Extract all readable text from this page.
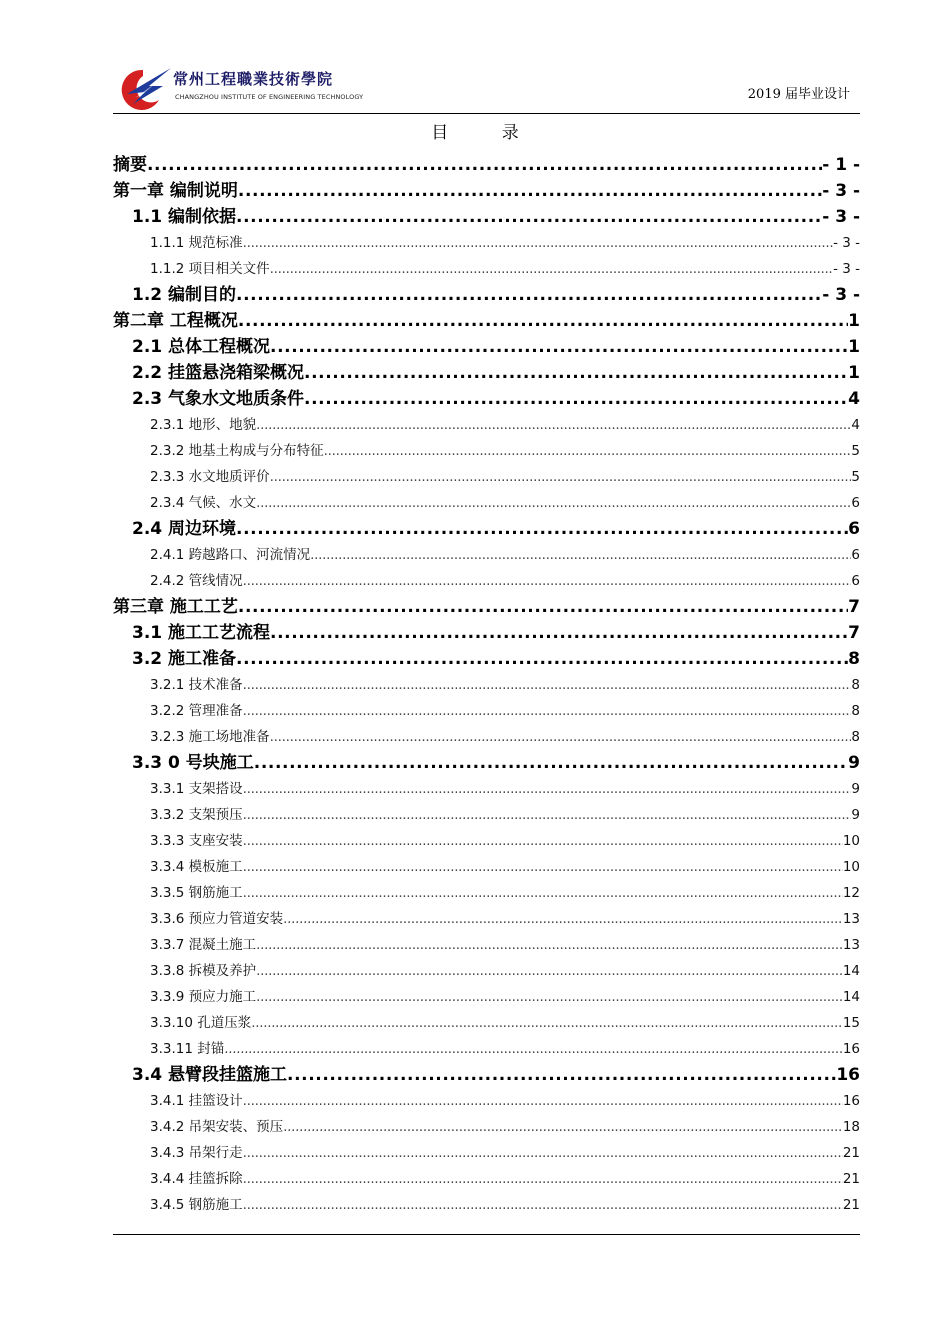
常州工程職業技術學院
CHANGZHOU INSTITUTE OF ENGINEERING TECHNOLOGY	2019 届毕业设计
目 录
摘要 .....	- 1 -
第一章 编制说明 .....	- 3 -
1.1 编制依据 .....	- 3 -
1.1.1 规范标准 .....	- 3 -
1.1.2 项目相关文件 .....	- 3 -
1.2 编制目的 .....	- 3 -
第二章 工程概况 .....	1
2.1 总体工程概况 .....	1
2.2 挂篮悬浇箱梁概况 .....	1
2.3 气象水文地质条件 .....	4
2.3.1 地形、地貌 .....	4
2.3.2 地基土构成与分布特征 .....	5
2.3.3 水文地质评价 .....	5
2.3.4 气候、水文 .....	6
2.4 周边环境 .....	6
2.4.1 跨越路口、河流情况 .....	6
2.4.2 管线情况 .....	6
第三章 施工工艺 .....	7
3.1 施工工艺流程 .....	7
3.2 施工准备 .....	8
3.2.1 技术准备 .....	8
3.2.2 管理准备 .....	8
3.2.3 施工场地准备 .....	8
3.3 0 号块施工 .....	9
3.3.1 支架搭设 .....	9
3.3.2 支架预压 .....	9
3.3.3 支座安装 .....	10
3.3.4 模板施工 .....	10
3.3.5 钢筋施工 .....	12
3.3.6 预应力管道安装 .....	13
3.3.7 混凝土施工 .....	13
3.3.8 拆模及养护 .....	14
3.3.9 预应力施工 .....	14
3.3.10 孔道压浆 .....	15
3.3.11 封锚 .....	16
3.4 悬臂段挂篮施工 .....	16
3.4.1 挂篮设计 .....	16
3.4.2 吊架安装、预压 .....	18
3.4.3 吊架行走 .....	21
3.4.4 挂篮拆除 .....	21
3.4.5 钢筋施工 .....	21
